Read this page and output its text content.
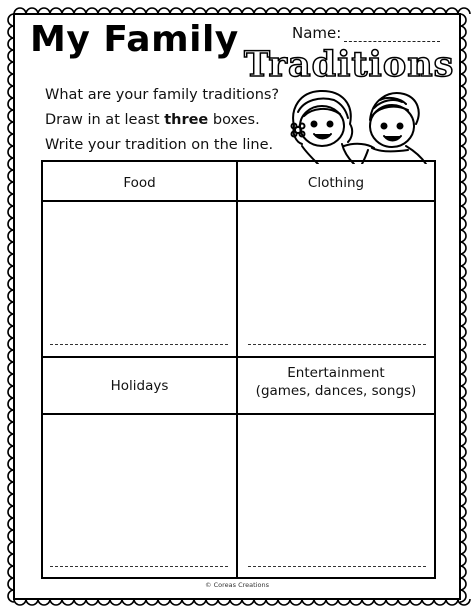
My Family
Traditions
Name:
What are your family traditions?
Draw in at least three boxes.
Write your tradition on the line.
Food	Clothing
Holidays
Entertainment
(games, dances, songs)
© Coreas Creations
